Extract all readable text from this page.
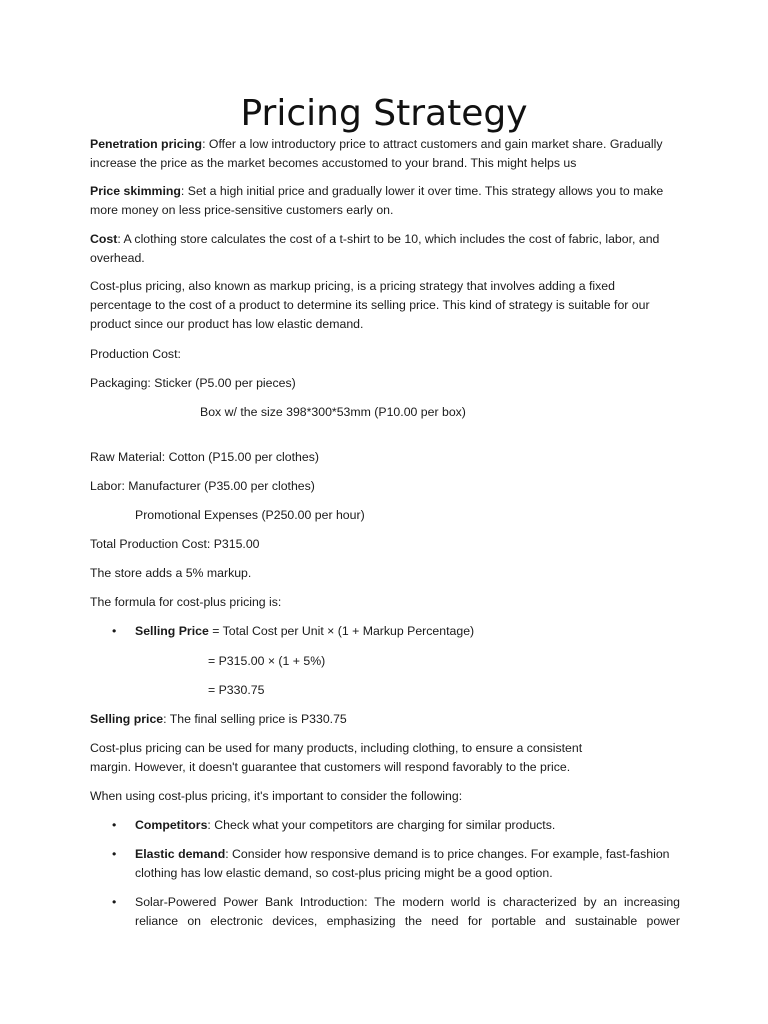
Pricing Strategy

Penetration pricing: Offer a low introductory price to attract customers and gain market share. Gradually
increase the price as the market becomes accustomed to your brand. This might helps us

Price skimming: Set a high initial price and gradually lower it over time. This strategy allows you to make
more money on less price-sensitive customers early on.

Cost: A clothing store calculates the cost of a t-shirt to be 10, which includes the cost of fabric, labor, and
overhead.

Cost-plus pricing, also known as markup pricing, is a pricing strategy that involves adding a fixed
percentage to the cost of a product to determine its selling price. This kind of strategy is suitable for our
product since our product has low elastic demand.

Production Cost:

Packaging: Sticker (P5.00 per pieces)

Box w/ the size 398*300*53mm (P10.00 per box)

Raw Material: Cotton (P15.00 per clothes)

Labor: Manufacturer (P35.00 per clothes)

Promotional Expenses (P250.00 per hour)

Total Production Cost: P315.00

The store adds a 5% markup.

The formula for cost-plus pricing is:

• Selling Price = Total Cost per Unit × (1 + Markup Percentage)

= P315.00 × (1 + 5%)

= P330.75

Selling price: The final selling price is P330.75

Cost-plus pricing can be used for many products, including clothing, to ensure a consistent
margin. However, it doesn't guarantee that customers will respond favorably to the price.

When using cost-plus pricing, it's important to consider the following:

• Competitors: Check what your competitors are charging for similar products.

• Elastic demand: Consider how responsive demand is to price changes. For example, fast-fashion
clothing has low elastic demand, so cost-plus pricing might be a good option.

• Solar-Powered Power Bank Introduction: The modern world is characterized by an increasing
reliance on electronic devices, emphasizing the need for portable and sustainable power
